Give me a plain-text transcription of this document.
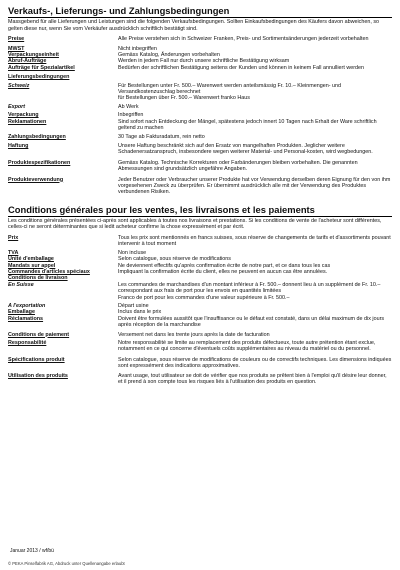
Verkaufs-, Lieferungs- und Zahlungsbedingungen
Massgebend für alle Lieferungen und Leistungen sind die folgenden Verkaufsbedingungen. Sollten Einkaufsbedingungen des Käufers davon abweichen, so gelten diese nur, wenn Sie vom Verkäufer ausdrücklich schriftlich bestätigt sind.
Preise	Alle Preise verstehen sich in Schweizer Franken, Preis- und Sortimentsänderungen jederzeit vorbehalten
MWST	Nicht inbegriffen
Verpackungseinheit	Gemäss Katalog, Änderungen vorbehalten
Abruf-Aufträge	Werden in jedem Fall nur durch unsere schriftliche Bestätigung wirksam
Aufträge für Spezialartikel	Bedürfen der schriftlichen Bestätigung seitens der Kunden und können in keinem Fall annulliert werden
Lieferungsbedingungen
Schweiz	Für Bestellungen unter Fr. 500.– Warenwert werden anteilsmässig Fr. 10.– Kleinmengen- und Versandkostenzuschlag berechnet
für Bestellungen über Fr. 500.– Warenwert franko Haus
Export	Ab Werk
Verpackung	Inbegriffen
Reklamationen	Sind sofort nach Entdeckung der Mängel, spätestens jedoch innert 10 Tagen nach Erhalt der Ware schriftlich geltend zu machen
Zahlungsbedingungen	30 Tage ab Fakturadatum, rein netto
Haftung	Unsere Haftung beschränkt sich auf den Ersatz von mangelhaften Produkten. Jeglicher weitere Schadenersatzanspruch, insbesondere wegen weiterer Material- und Personal-kosten, wird wegbedungen.
Produktespezifikationen	Gemäss Katalog. Technische Korrekturen oder Farbänderungen bleiben vorbehalten. Die genannten Abmessungen sind grundsätzlich ungefähre Angaben.
Produkteverwendung	Jeder Benutzer oder Verbraucher unserer Produkte hat vor Verwendung derselben deren Eignung für den von ihm vorgesehenen Zweck zu überprüfen. Er übernimmt ausdrücklich alle mit der Verwendung des Produktes verbundenen Risiken.
Conditions générales pour les ventes, les livraisons et les paiements
Les conditions générales présentées ci-après sont applicables à toutes nos livraisons et prestations. Si les conditions de vente de l'acheteur sont différentes, celles-ci ne seront déterminantes que si ledit acheteur confirme la chose expressément et par écrit.
Prix	Tous les prix sont mentionnés en francs suisses, sous réserve de changements de tarifs et d'assortiments pouvant intervenir à tout moment
TVA	Non incluse
Unité d'emballage	Selon catalogue, sous réserve de modifications
Mandats sur appel	Ne deviennent effectifs qu'après confirmation écrite de notre part, et ce dans tous les cas
Commandes d'articles spéciaux	Impliquant la confirmation écrite du client, elles ne peuvent en aucun cas être annulées.
Conditions de livraison
En Suisse	Les commandes de marchandises d'un montant inférieur à Fr. 500.– donnent lieu à un supplément de Fr. 10.– correspondant aux frais de port pour les envois en quantités limitées
Franco de port pour les commandes d'une valeur supérieure à Fr. 500.–
A l'exportation	Départ usine
Emballage	Inclus dans le prix
Réclamations	Doivent être formulées aussitôt que l'insuffisance ou le défaut est constaté, dans un délai maximum de dix jours après réception de la marchandise
Conditions de paiement	Versement net dans les trente jours après la date de facturation
Responsabilité	Notre responsabilité se limite au remplacement des produits défectueux, toute autre prétention étant exclue, notamment en ce qui concerne d'éventuels coûts supplémentaires au niveau du matériel ou du personnel.
Spécifications produit	Selon catalogue, sous réserve de modifications de couleurs ou de correctifs techniques. Les dimensions indiquées sont expressément des indications approximatives.
Utilisation des produits	Avant usage, tout utilisateur se doit de vérifier que nos produits se prêtent bien à l'emploi qu'il désire leur donner, et il prend à son compte tous les risques liés à l'utilisation des produits en question.
Januar 2013 / wf/bü
© PEKA Pinselfabrik AG, Abdruck unter Quellenangabe erlaubt
